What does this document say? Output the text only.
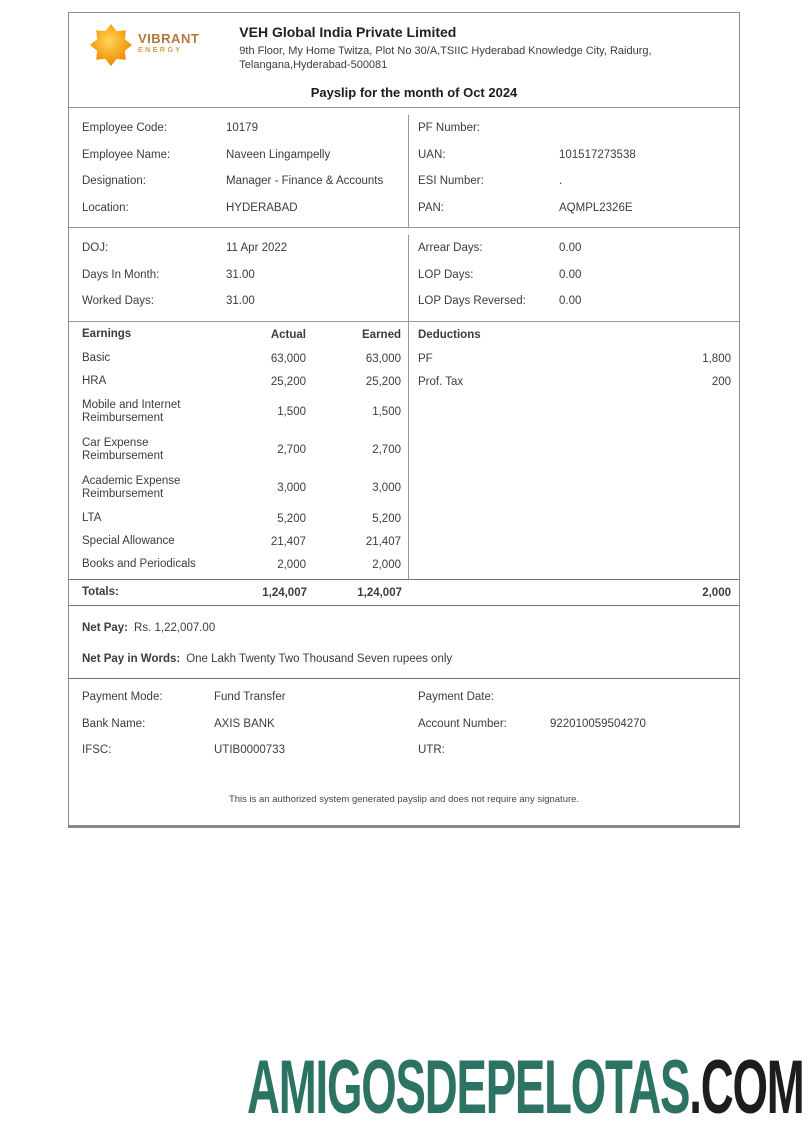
VIBRANT
ENERGY
VEH Global India Private Limited
9th Floor, My Home Twitza, Plot No 30/A,TSIIC Hyderabad Knowledge City, Raidurg,
Telangana,Hyderabad-500081
Payslip for the month of Oct 2024
Employee Code:	10179
Employee Name:	Naveen Lingampelly
Designation:	Manager - Finance & Accounts
Location:	HYDERABAD
PF Number:
UAN:	101517273538
ESI Number:	.
PAN:	AQMPL2326E
DOJ:	11 Apr 2022
Days In Month:	31.00
Worked Days:	31.00
Arrear Days:	0.00
LOP Days:	0.00
LOP Days Reversed:	0.00
Earnings	Actual	Earned
Basic	63,000	63,000
HRA	25,200	25,200
Mobile and Internet Reimbursement	1,500	1,500
Car Expense Reimbursement	2,700	2,700
Academic Expense Reimbursement	3,000	3,000
LTA	5,200	5,200
Special Allowance	21,407	21,407
Books and Periodicals	2,000	2,000
Deductions
PF	1,800
Prof. Tax	200
Totals:	1,24,007	1,24,007	2,000
Net Pay: Rs. 1,22,007.00
Net Pay in Words: One Lakh Twenty Two Thousand Seven rupees only
Payment Mode:	Fund Transfer
Bank Name:	AXIS BANK
IFSC:	UTIB0000733
Payment Date:
Account Number:	922010059504270
UTR:
This is an authorized system generated payslip and does not require any signature.
AMIGOSDEPELOTAS.COM
